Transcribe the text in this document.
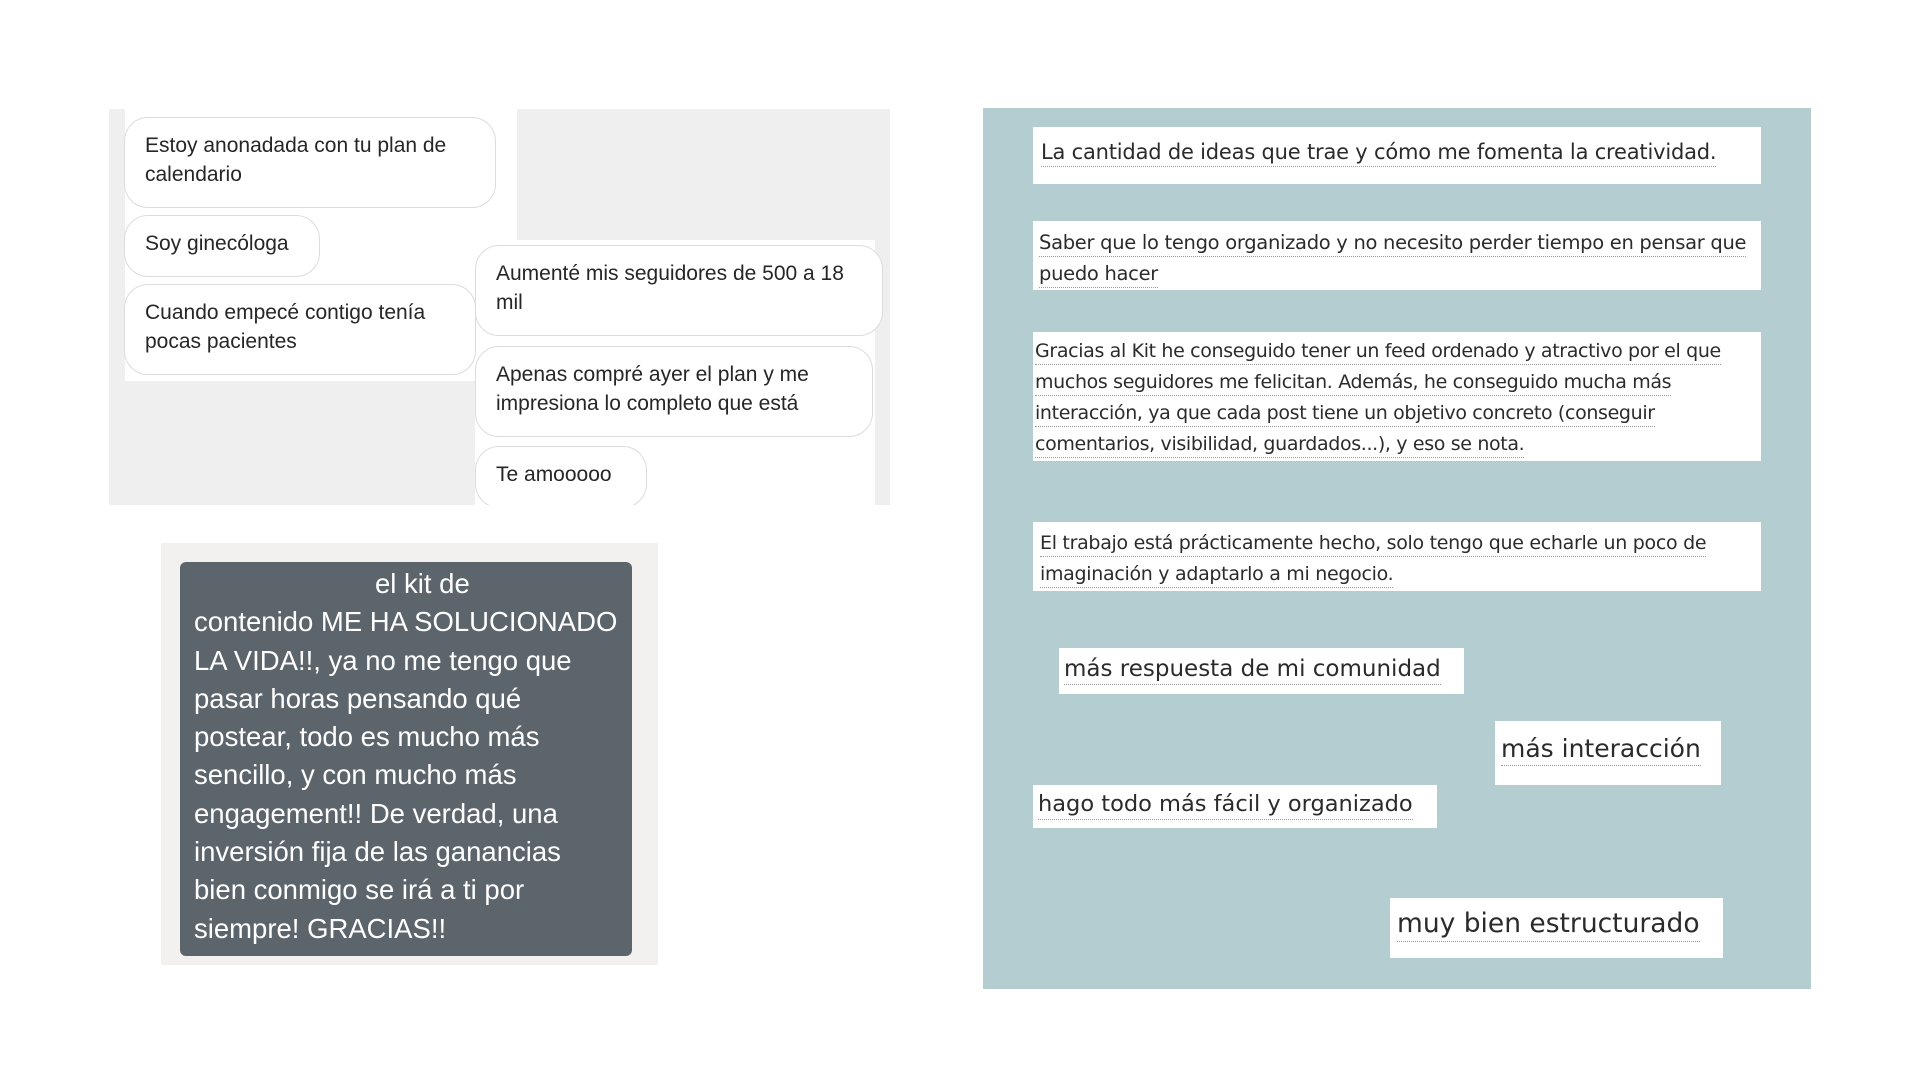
Estoy anonadada con tu plan de calendario
Soy ginecóloga
Cuando empecé contigo tenía pocas pacientes
Aumenté mis seguidores de 500 a 18 mil
Apenas compré ayer el plan y me impresiona lo completo que está
Te amooooo
el kit de
contenido ME HA SOLUCIONADO LA VIDA!!, ya no me tengo que pasar horas pensando qué postear, todo es mucho más sencillo, y con mucho más engagement!! De verdad, una inversión fija de las ganancias bien conmigo se irá a ti por siempre! GRACIAS!!
La cantidad de ideas que trae y cómo me fomenta la creatividad.
Saber que lo tengo organizado y no necesito perder tiempo en pensar que puedo hacer
Gracias al Kit he conseguido tener un feed ordenado y atractivo por el que muchos seguidores me felicitan. Además, he conseguido mucha más interacción, ya que cada post tiene un objetivo concreto (conseguir comentarios, visibilidad, guardados...), y eso se nota.
El trabajo está prácticamente hecho, solo tengo que echarle un poco de imaginación y adaptarlo a mi negocio.
más respuesta de mi comunidad
más interacción
hago todo más fácil y organizado
muy bien estructurado
